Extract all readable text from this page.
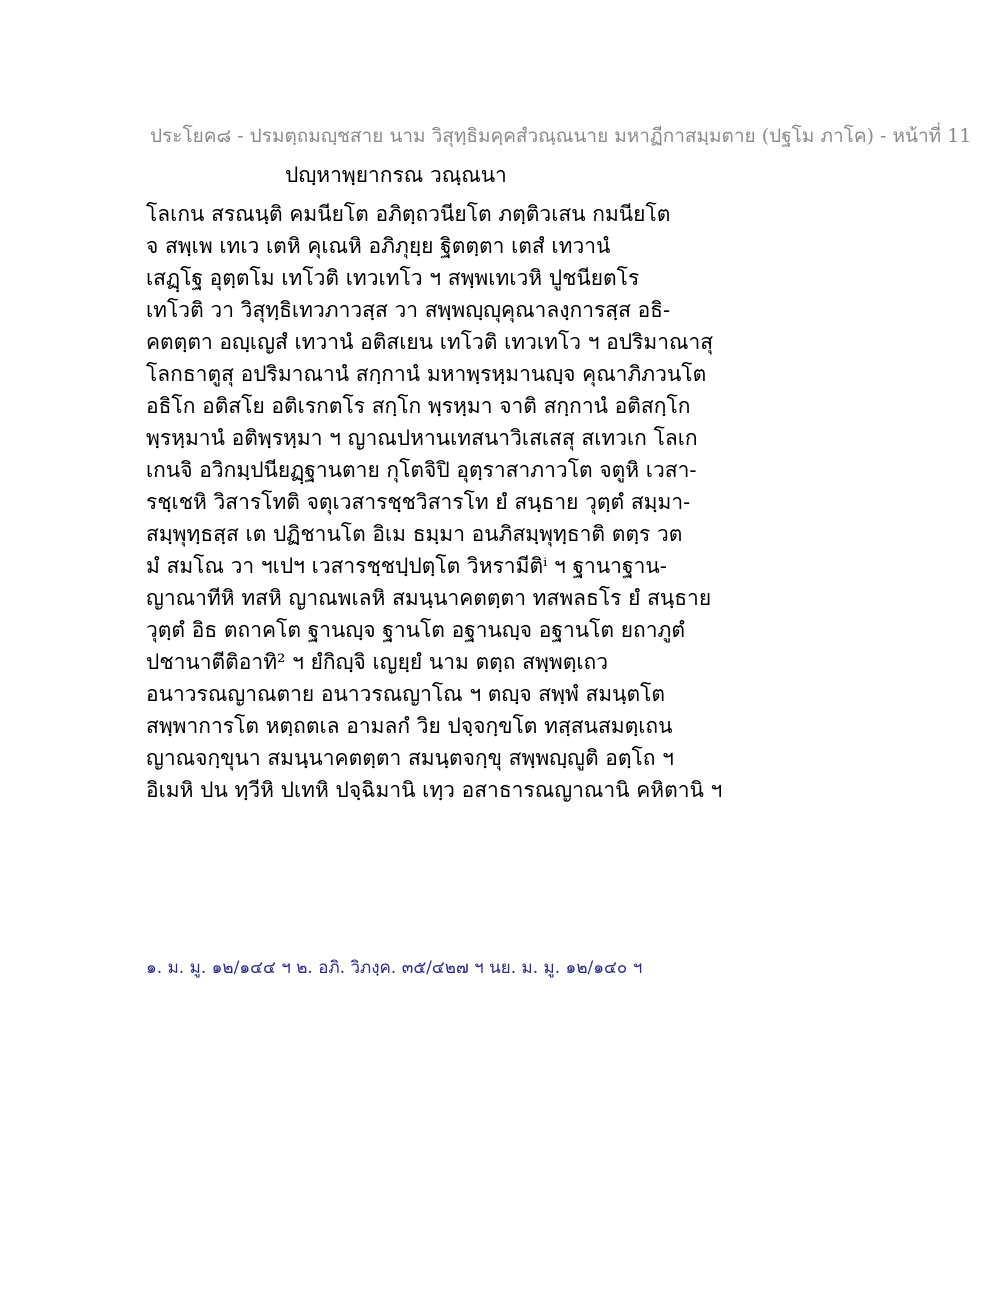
ประโยค๘ - ปรมตฺถมญฺชสาย นาม วิสุทฺธิมคฺคสํวณฺณนาย มหาฏีกาสมฺมตาย (ปฐโม ภาโค) - หน้าที่ 11
ปญฺหาพฺยากรณ วณฺณนา
โลเกน สรณนฺติ คมนียโต อภิตฺถวนียโต ภตฺติวเสน กมนียโต
จ สพฺเพ เทเว เตหิ คุเณหิ อภิภุยฺย ฐิตตฺตา เตสํ เทวานํ
เสฏฺโฐ อุตฺตโม เทโวติ เทวเทโว ฯ สพฺพเทเวหิ ปูชนียตโร
เทโวติ วา วิสุทฺธิเทวภาวสฺส วา สพฺพญฺญุคุณาลงฺการสฺส อธิ-
คตตฺตา อญฺเญสํ เทวานํ อติสเยน เทโวติ เทวเทโว ฯ อปริมาณาสุ
โลกธาตูสุ อปริมาณานํ สกฺกานํ มหาพฺรหฺมานญฺจ คุณาภิภวนโต
อธิโก อติสโย อติเรกตโร สกฺโก พฺรหฺมา จาติ สกฺกานํ อติสกฺโก
พฺรหฺมานํ อติพฺรหฺมา ฯ ญาณปหานเทสนาวิเสเสสุ สเทวเก โลเก
เกนจิ อวิกมฺปนียฏฺฐานตาย กุโตจิปิ อุตฺราสาภาวโต จตูหิ เวสา-
รชฺเชหิ วิสารโทติ จตุเวสารชฺชวิสารโท ยํ สนฺธาย วุตฺตํ สมฺมา-
สมฺพุทฺธสฺส เต ปฏิชานโต อิเม ธมฺมา อนภิสมฺพุทฺธาติ ตตฺร วต
มํ สมโณ วา ฯเปฯ เวสารชฺชปฺปตฺโต วิหรามีติⁱ ฯ ฐานาฐาน-
ญาณาทีหิ ทสหิ ญาณพเลหิ สมนฺนาคตตฺตา ทสพลธโร ยํ สนฺธาย
วุตฺตํ อิธ ตถาคโต ฐานญฺจ ฐานโต อฐานญฺจ อฐานโต ยถาภูตํ
ปชานาตีติอาทิ² ฯ ยํกิญฺจิ เญยฺยํ นาม ตตฺถ สพฺพตฺเถว
อนาวรณญาณตาย อนาวรณญาโณ ฯ ตญฺจ สพฺพํ สมนฺตโต
สพฺพาการโต หตฺถตเล อามลกํ วิย ปจฺจกฺขโต ทสฺสนสมตฺเถน
ญาณจกฺขุนา สมนฺนาคตตฺตา สมนฺตจกฺขุ สพฺพญฺญูติ อตฺโถ ฯ
อิเมหิ ปน ทฺวีหิ ปเทหิ ปจฺฉิมานิ เทฺว อสาธารณญาณานิ คหิตานิ ฯ
๑. ม. มู. ๑๒/๑๔๔ ฯ ๒. อภิ. วิภงฺค. ๓๕/๔๒๗ ฯ นย. ม. มู. ๑๒/๑๔๐ ฯ
